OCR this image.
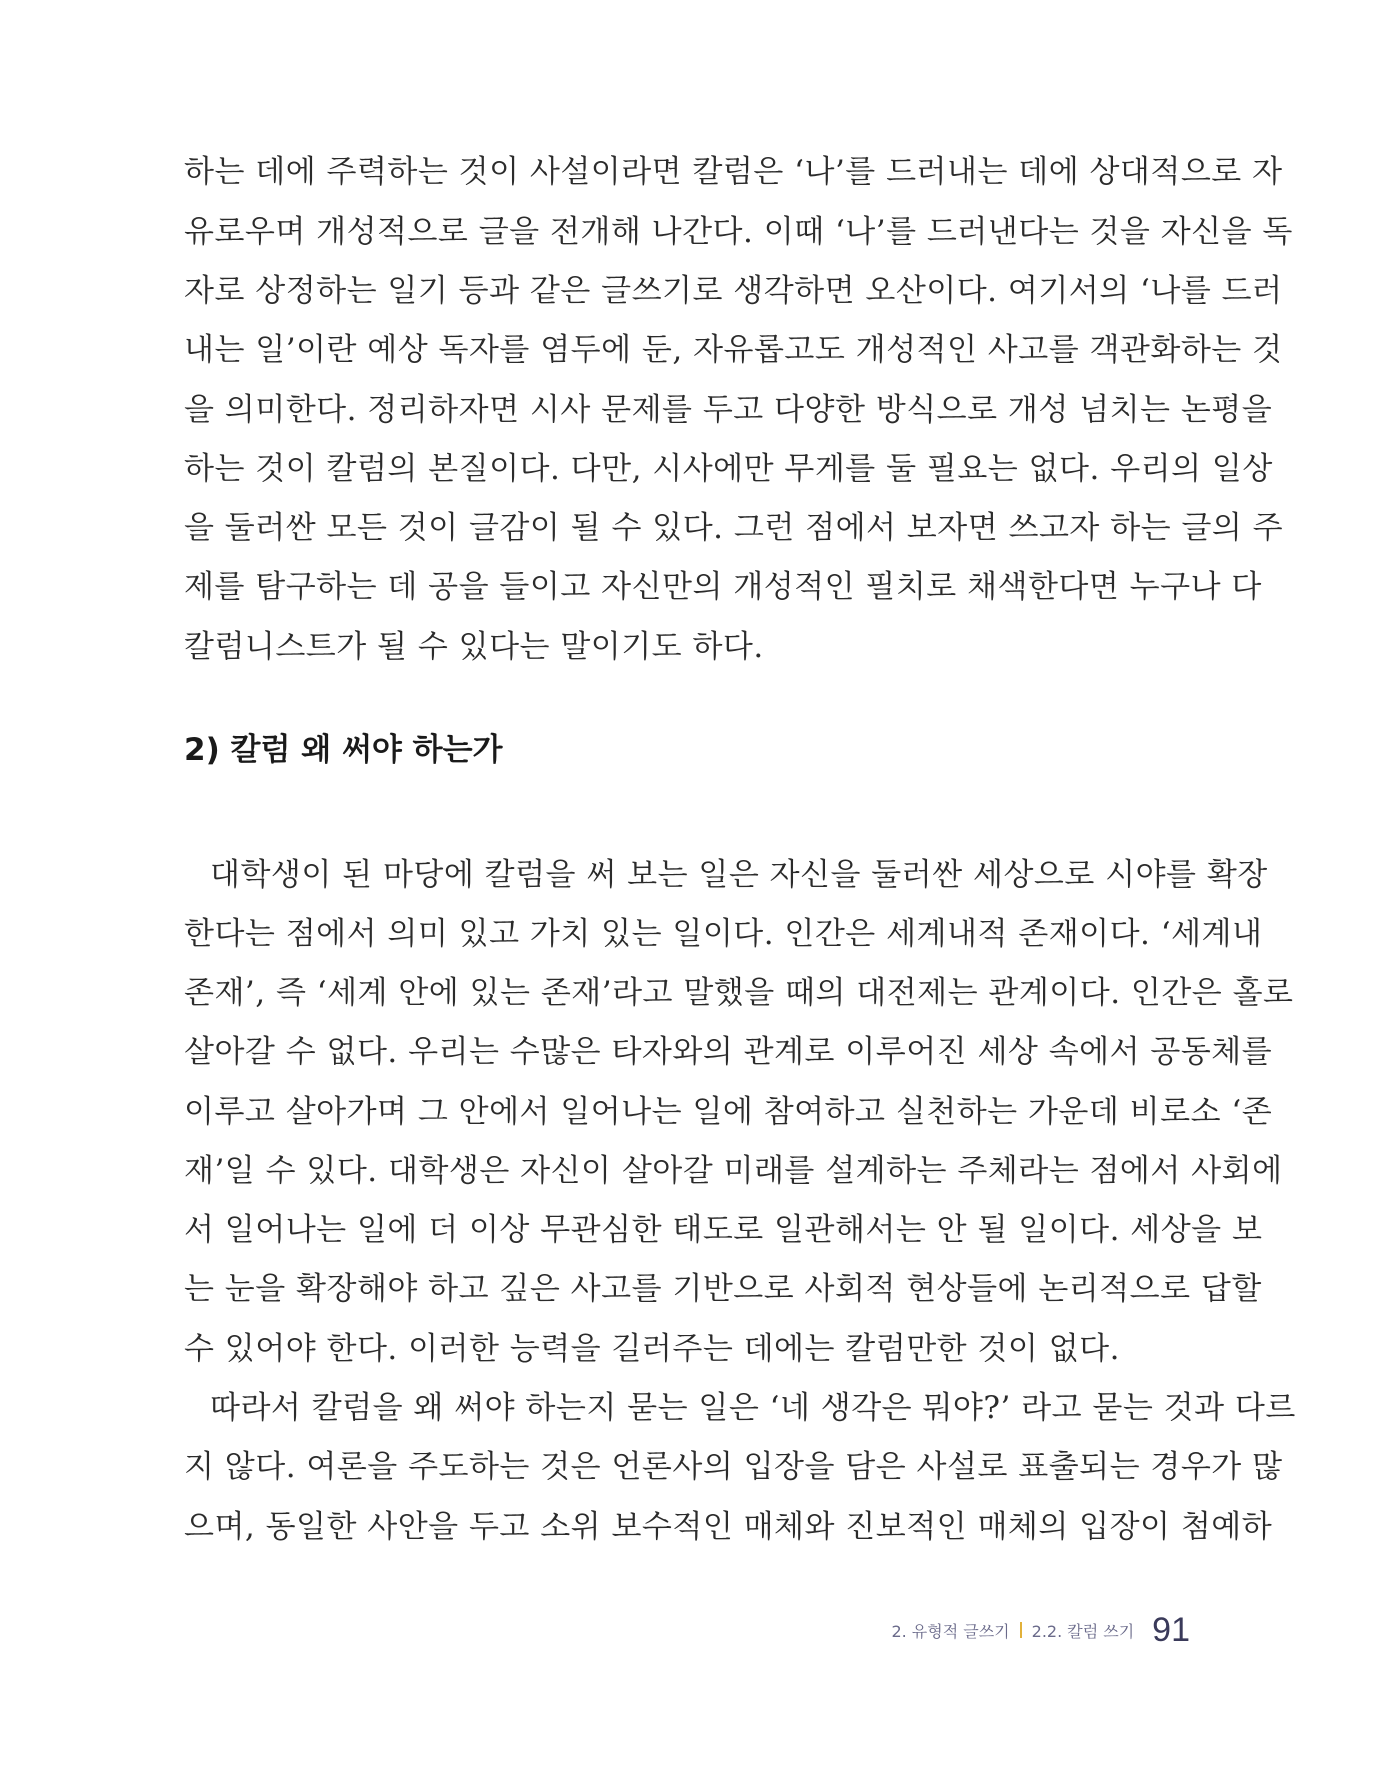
하는 데에 주력하는 것이 사설이라면 칼럼은 ‘나’를 드러내는 데에 상대적으로 자
유로우며 개성적으로 글을 전개해 나간다. 이때 ‘나’를 드러낸다는 것을 자신을 독
자로 상정하는 일기 등과 같은 글쓰기로 생각하면 오산이다. 여기서의 ‘나를 드러
내는 일’이란 예상 독자를 염두에 둔, 자유롭고도 개성적인 사고를 객관화하는 것
을 의미한다. 정리하자면 시사 문제를 두고 다양한 방식으로 개성 넘치는 논평을
하는 것이 칼럼의 본질이다. 다만, 시사에만 무게를 둘 필요는 없다. 우리의 일상
을 둘러싼 모든 것이 글감이 될 수 있다. 그런 점에서 보자면 쓰고자 하는 글의 주
제를 탐구하는 데 공을 들이고 자신만의 개성적인 필치로 채색한다면 누구나 다
칼럼니스트가 될 수 있다는 말이기도 하다.
2) 칼럼 왜 써야 하는가
대학생이 된 마당에 칼럼을 써 보는 일은 자신을 둘러싼 세상으로 시야를 확장
한다는 점에서 의미 있고 가치 있는 일이다. 인간은 세계내적 존재이다. ‘세계내
존재’, 즉 ‘세계 안에 있는 존재’라고 말했을 때의 대전제는 관계이다. 인간은 홀로
살아갈 수 없다. 우리는 수많은 타자와의 관계로 이루어진 세상 속에서 공동체를
이루고 살아가며 그 안에서 일어나는 일에 참여하고 실천하는 가운데 비로소 ‘존
재’일 수 있다. 대학생은 자신이 살아갈 미래를 설계하는 주체라는 점에서 사회에
서 일어나는 일에 더 이상 무관심한 태도로 일관해서는 안 될 일이다. 세상을 보
는 눈을 확장해야 하고 깊은 사고를 기반으로 사회적 현상들에 논리적으로 답할
수 있어야 한다. 이러한 능력을 길러주는 데에는 칼럼만한 것이 없다.
따라서 칼럼을 왜 써야 하는지 묻는 일은 ‘네 생각은 뭐야?’ 라고 묻는 것과 다르
지 않다. 여론을 주도하는 것은 언론사의 입장을 담은 사설로 표출되는 경우가 많
으며, 동일한 사안을 두고 소위 보수적인 매체와 진보적인 매체의 입장이 첨예하
2. 유형적 글쓰기 2.2. 칼럼 쓰기 91
